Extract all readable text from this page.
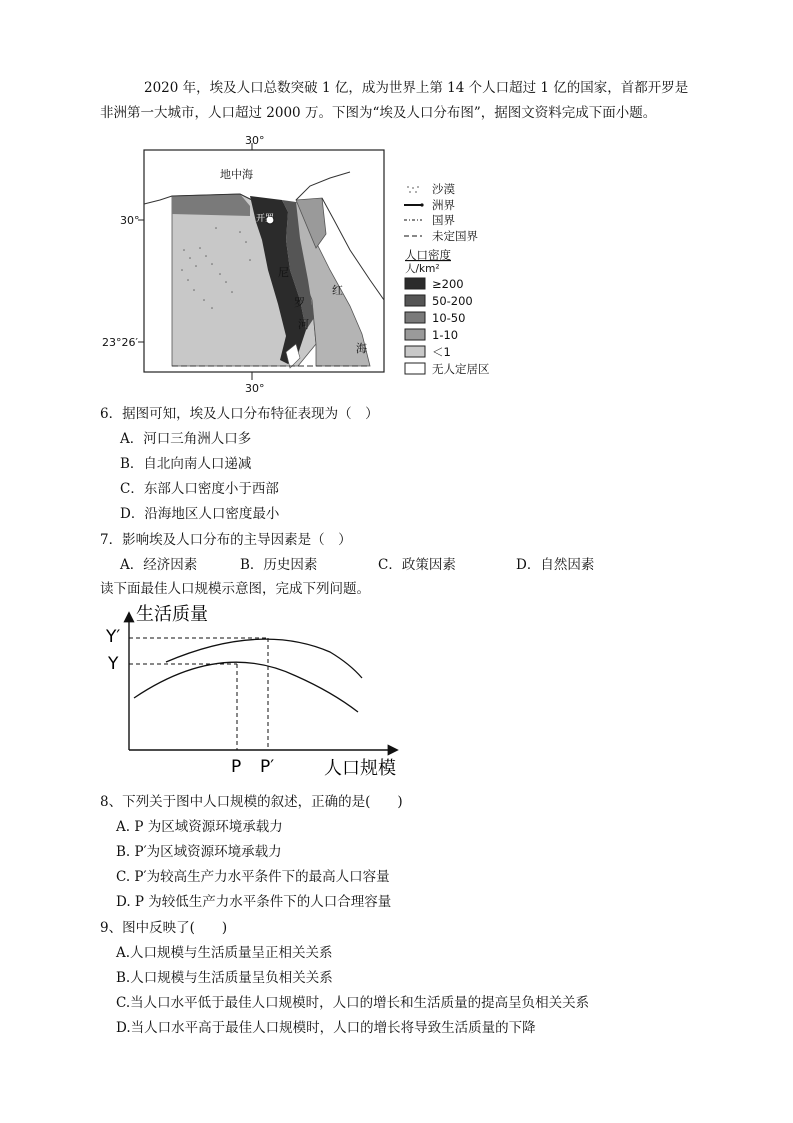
2020 年，埃及人口总数突破 1 亿，成为世界上第 14 个人口超过 1 亿的国家，首都开罗是非洲第一大城市，人口超过 2000 万。下图为“埃及人口分布图”，据图文资料完成下面小题。
30°
30°
30°
23°26′
开罗
地中海
尼
罗
河
红
海
沙漠
洲界
国界
未定国界
人口密度
人/km²
≥200
50-200
10-50
1-10
＜1
无人定居区
6．据图可知，埃及人口分布特征表现为（　）
A．河口三角洲人口多
B．自北向南人口递减
C．东部人口密度小于西部
D．沿海地区人口密度最小
7．影响埃及人口分布的主导因素是（　）
A．经济因素	B．历史因素	C．政策因素	D．自然因素
读下面最佳人口规模示意图，完成下列问题。
生活质量
人口规模
Y′
Y
P P′
8、下列关于图中人口规模的叙述，正确的是(　　)
A. P 为区域资源环境承载力
B. P′为区域资源环境承载力
C. P′为较高生产力水平条件下的最高人口容量
D. P 为较低生产力水平条件下的人口合理容量
9、图中反映了(　　)
A.人口规模与生活质量呈正相关关系
B.人口规模与生活质量呈负相关关系
C.当人口水平低于最佳人口规模时，人口的增长和生活质量的提高呈负相关关系
D.当人口水平高于最佳人口规模时，人口的增长将导致生活质量的下降
